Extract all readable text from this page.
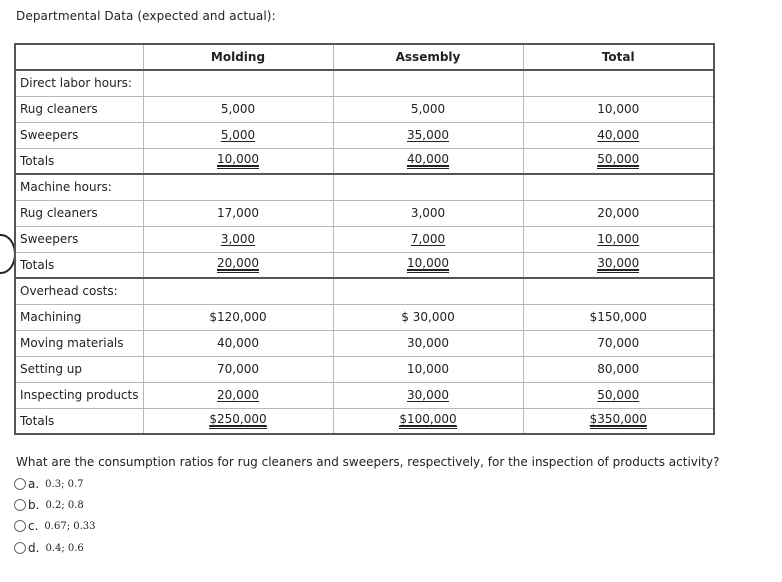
Departmental Data (expected and actual):
	Molding	Assembly	Total
Direct labor hours:			
Rug cleaners	5,000	5,000	10,000
Sweepers	5,000	35,000	40,000
Totals	10,000	40,000	50,000
Machine hours:			
Rug cleaners	17,000	3,000	20,000
Sweepers	3,000	7,000	10,000
Totals	20,000	10,000	30,000
Overhead costs:			
Machining	$120,000	$ 30,000	$150,000
Moving materials	40,000	30,000	70,000
Setting up	70,000	10,000	80,000
Inspecting products	20,000	30,000	50,000
Totals	$250,000	$100,000	$350,000
What are the consumption ratios for rug cleaners and sweepers, respectively, for the inspection of products activity?
a. 0.3; 0.7
b. 0.2; 0.8
c. 0.67; 0.33
d. 0.4; 0.6
